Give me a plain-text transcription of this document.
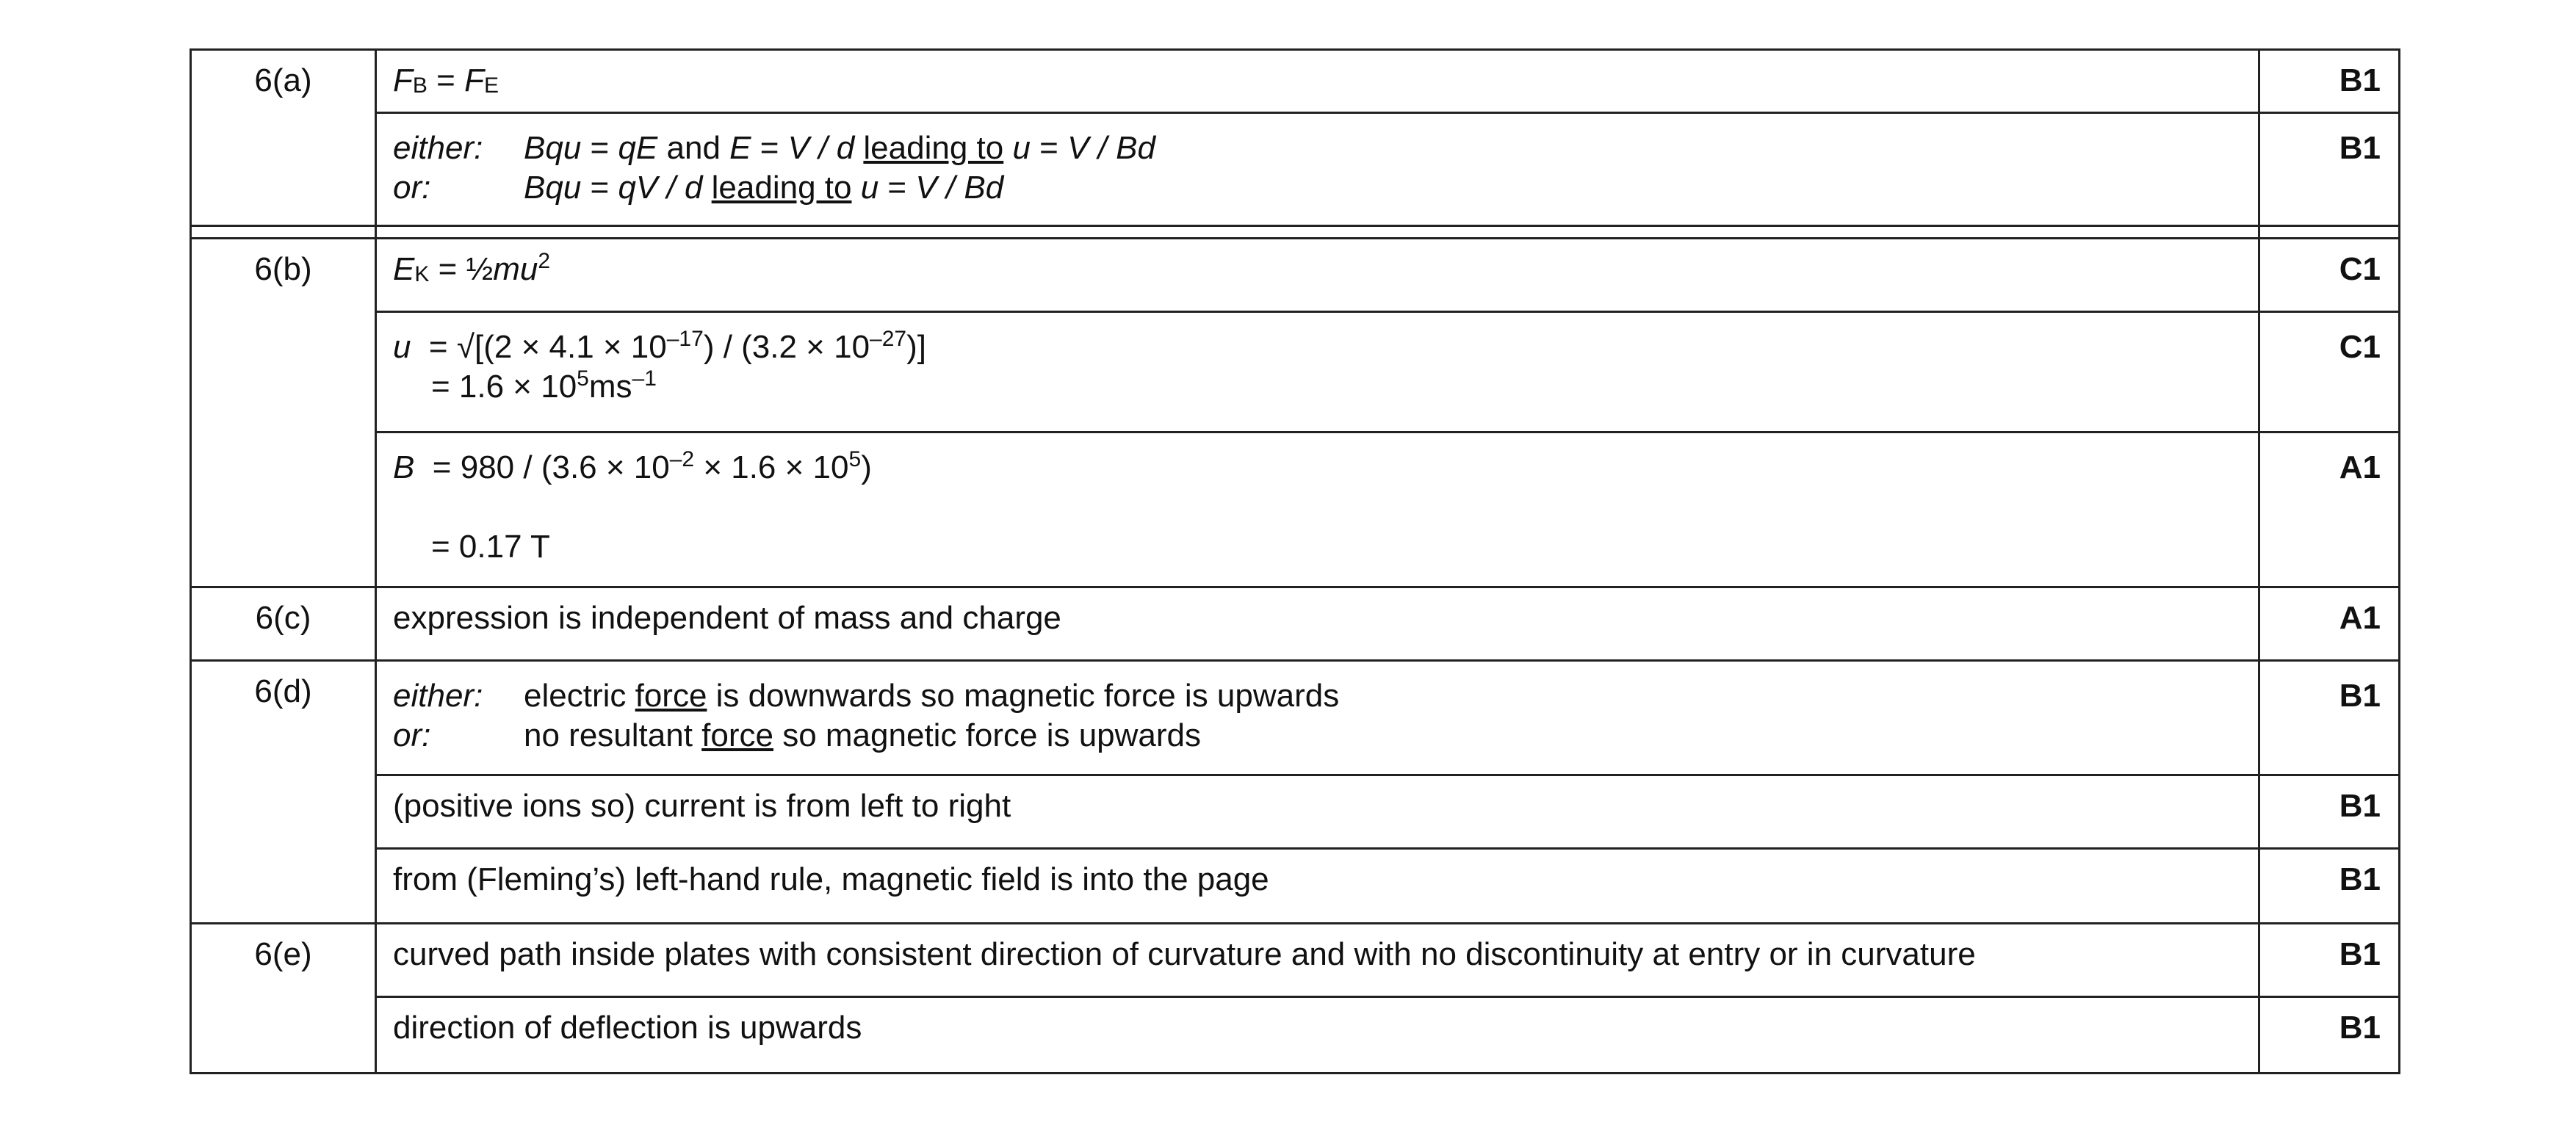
6(a)	$F_B = F_E$	B1

	either: Bqu = qE and E = V / d leading to u = V / Bd
or: Bqu = qV / d leading to u = V / Bd	B1

6(b)	$E_K$ = $\frac{1}{2}mu^2$	C1

	$u = √[(2 \times 4.1 \times 10^{-17}) / (3.2 \times 10^{-27})]$
= $1.6 \times 10^5ms^{-1}$	C1

	$B = 980 / (3.6 \times 10^{-2} \times 1.6 \times 10^5)$
= 0.17 T	A1

6(c)	expression is independent of mass and charge	A1
6(d)	either: electric force is downwards so magnetic force is upwards
or: no resultant force so magnetic force is upwards	B1

	(positive ions so) current is from left to right	B1

	from (Fleming’s) left-hand rule, magnetic field is into the page	B1
6(e)	curved path inside plates with consistent direction of curvature and with no discontinuity at entry or in curvature	B1

	direction of deflection is upwards	B1
